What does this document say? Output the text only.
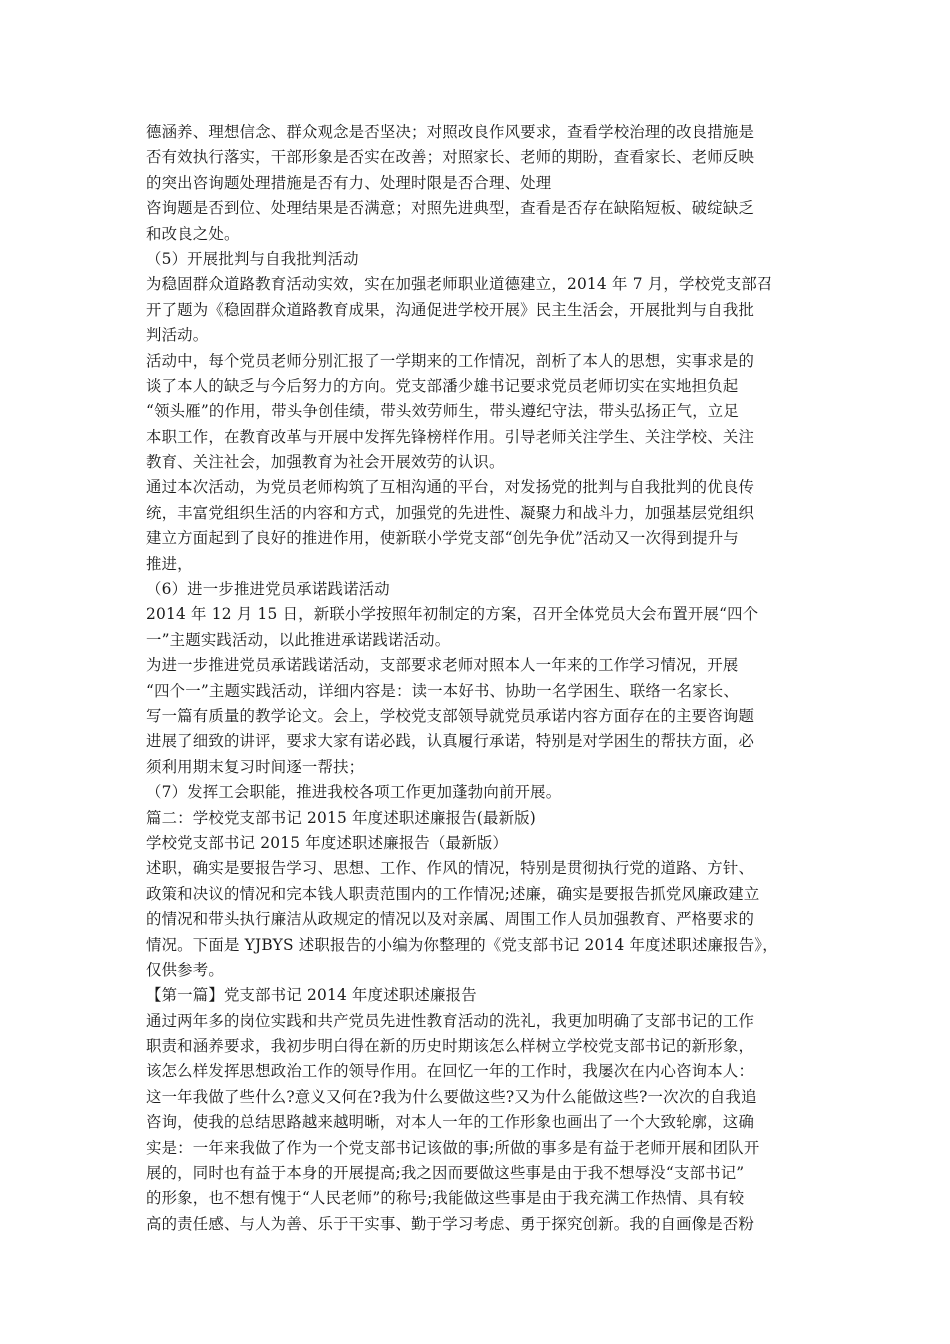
德涵养、理想信念、群众观念是否坚决；对照改良作风要求，查看学校治理的改良措施是
否有效执行落实，干部形象是否实在改善；对照家长、老师的期盼，查看家长、老师反映
的突出咨询题处理措施是否有力、处理时限是否合理、处理
咨询题是否到位、处理结果是否满意；对照先进典型，查看是否存在缺陷短板、破绽缺乏
和改良之处。
（5）开展批判与自我批判活动
为稳固群众道路教育活动实效，实在加强老师职业道德建立，2014 年 7 月，学校党支部召
开了题为《稳固群众道路教育成果，沟通促进学校开展》民主生活会，开展批判与自我批
判活动。
活动中，每个党员老师分别汇报了一学期来的工作情况，剖析了本人的思想，实事求是的
谈了本人的缺乏与今后努力的方向。党支部潘少雄书记要求党员老师切实在实地担负起
“领头雁”的作用，带头争创佳绩，带头效劳师生，带头遵纪守法，带头弘扬正气，立足
本职工作，在教育改革与开展中发挥先锋榜样作用。引导老师关注学生、关注学校、关注
教育、关注社会，加强教育为社会开展效劳的认识。
通过本次活动，为党员老师构筑了互相沟通的平台，对发扬党的批判与自我批判的优良传
统，丰富党组织生活的内容和方式，加强党的先进性、凝聚力和战斗力，加强基层党组织
建立方面起到了良好的推进作用，使新联小学党支部“创先争优”活动又一次得到提升与
推进，
（6）进一步推进党员承诺践诺活动
2014 年 12 月 15 日，新联小学按照年初制定的方案，召开全体党员大会布置开展“四个
一”主题实践活动，以此推进承诺践诺活动。
为进一步推进党员承诺践诺活动，支部要求老师对照本人一年来的工作学习情况，开展
“四个一”主题实践活动，详细内容是：读一本好书、协助一名学困生、联络一名家长、
写一篇有质量的教学论文。会上，学校党支部领导就党员承诺内容方面存在的主要咨询题
进展了细致的讲评，要求大家有诺必践，认真履行承诺，特别是对学困生的帮扶方面，必
须利用期末复习时间逐一帮扶；
（7）发挥工会职能，推进我校各项工作更加蓬勃向前开展。
篇二：学校党支部书记 2015 年度述职述廉报告(最新版)
学校党支部书记 2015 年度述职述廉报告（最新版）
述职，确实是要报告学习、思想、工作、作风的情况，特别是贯彻执行党的道路、方针、
政策和决议的情况和完本钱人职责范围内的工作情况;述廉，确实是要报告抓党风廉政建立
的情况和带头执行廉洁从政规定的情况以及对亲属、周围工作人员加强教育、严格要求的
情况。下面是 YJBYS 述职报告的小编为你整理的《党支部书记 2014 年度述职述廉报告》，
仅供参考。
【第一篇】党支部书记 2014 年度述职述廉报告
通过两年多的岗位实践和共产党员先进性教育活动的洗礼，我更加明确了支部书记的工作
职责和涵养要求，我初步明白得在新的历史时期该怎么样树立学校党支部书记的新形象，
该怎么样发挥思想政治工作的领导作用。在回忆一年的工作时，我屡次在内心咨询本人：
这一年我做了些什么?意义又何在?我为什么要做这些?又为什么能做这些?一次次的自我追
咨询，使我的总结思路越来越明晰，对本人一年的工作形象也画出了一个大致轮廓，这确
实是：一年来我做了作为一个党支部书记该做的事;所做的事多是有益于老师开展和团队开
展的，同时也有益于本身的开展提高;我之因而要做这些事是由于我不想辱没“支部书记”
的形象，也不想有愧于“人民老师”的称号;我能做这些事是由于我充满工作热情、具有较
高的责任感、与人为善、乐于干实事、勤于学习考虑、勇于探究创新。我的自画像是否粉
